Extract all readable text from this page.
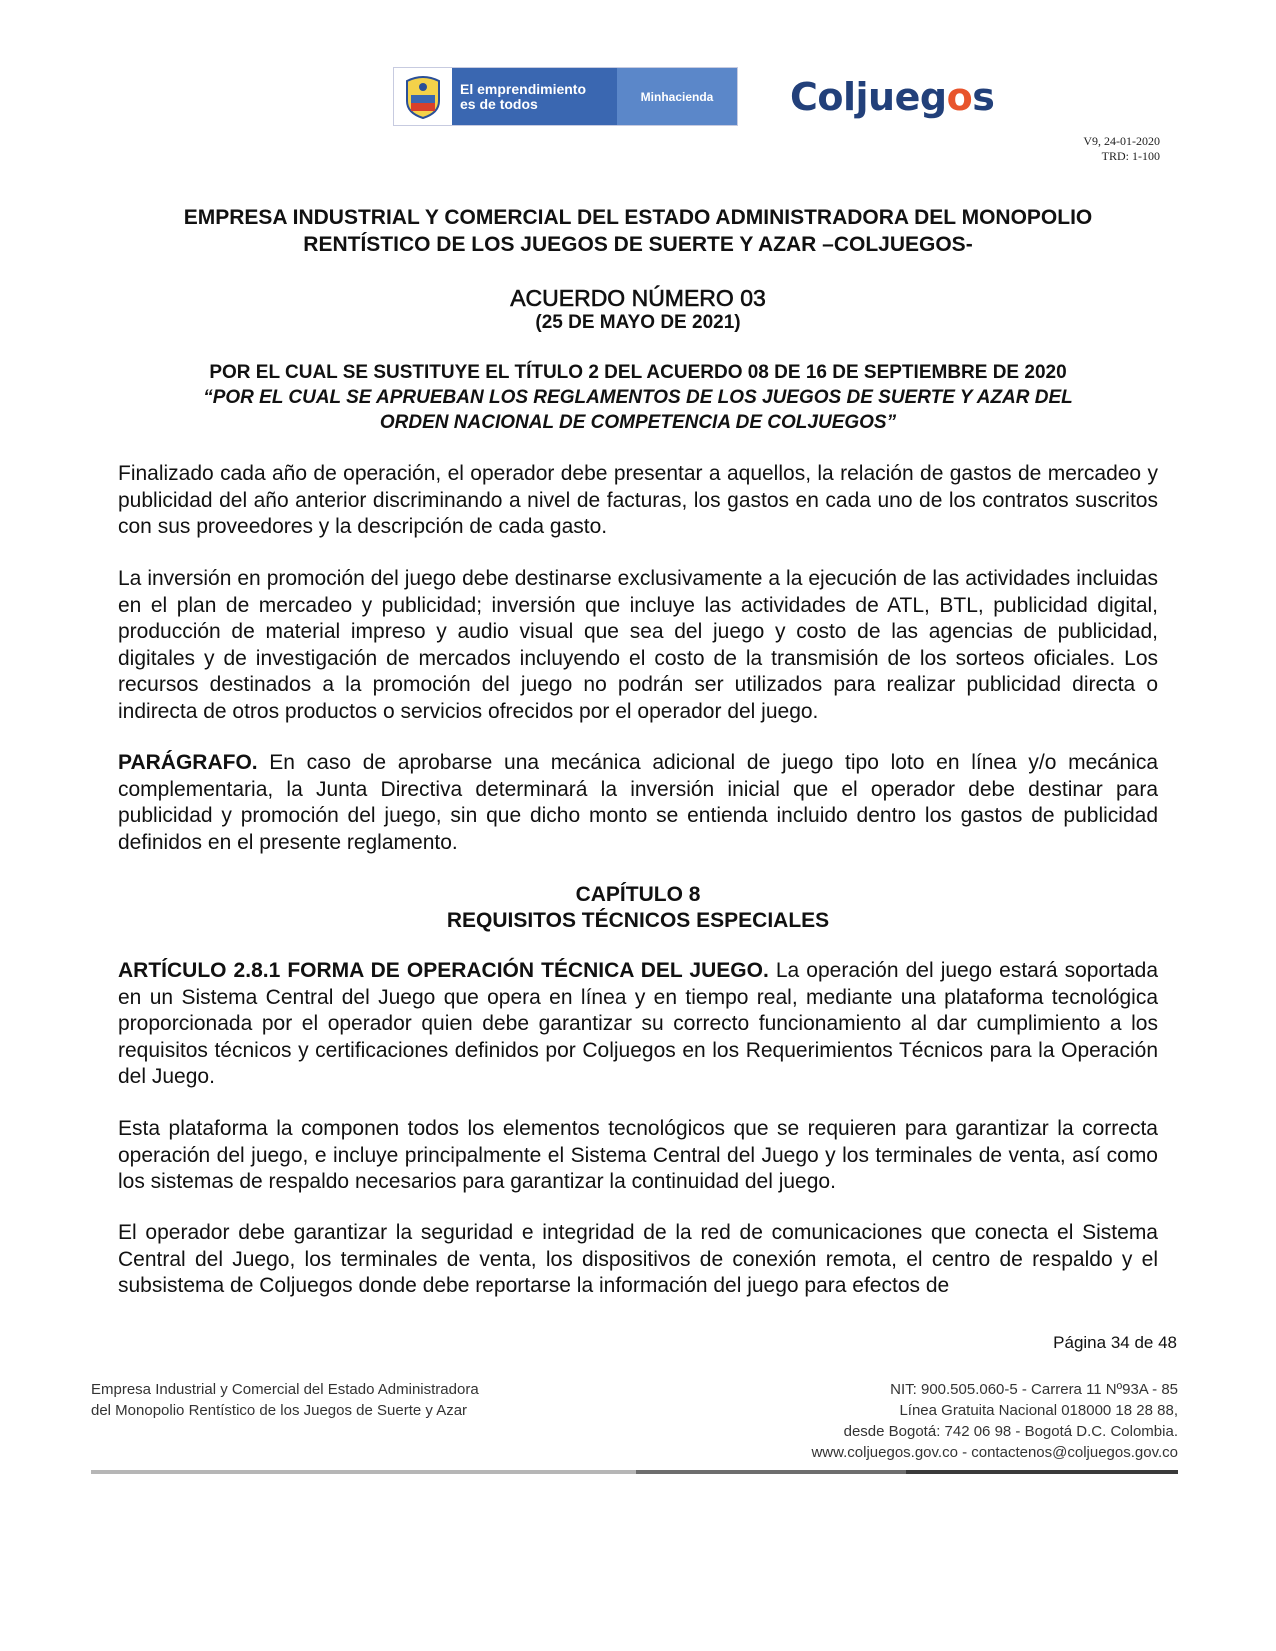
El emprendimiento
es de todos	Minhacienda	Coljueg o s
V9, 24-01-2020
TRD: 1-100
EMPRESA INDUSTRIAL Y COMERCIAL DEL ESTADO ADMINISTRADORA DEL MONOPOLIO
RENTÍSTICO DE LOS JUEGOS DE SUERTE Y AZAR –COLJUEGOS-
ACUERDO NÚMERO 03
(25 DE MAYO DE 2021)
POR EL CUAL SE SUSTITUYE EL TÍTULO 2 DEL ACUERDO 08 DE 16 DE SEPTIEMBRE DE 2020
“POR EL CUAL SE APRUEBAN LOS REGLAMENTOS DE LOS JUEGOS DE SUERTE Y AZAR DEL
ORDEN NACIONAL DE COMPETENCIA DE COLJUEGOS”
Finalizado cada año de operación, el operador debe presentar a aquellos, la relación de gastos de mercadeo y publicidad del año anterior discriminando a nivel de facturas, los gastos en cada uno de los contratos suscritos con sus proveedores y la descripción de cada gasto.
La inversión en promoción del juego debe destinarse exclusivamente a la ejecución de las actividades incluidas en el plan de mercadeo y publicidad; inversión que incluye las actividades de ATL, BTL, publicidad digital, producción de material impreso y audio visual que sea del juego y costo de las agencias de publicidad, digitales y de investigación de mercados incluyendo el costo de la transmisión de los sorteos oficiales. Los recursos destinados a la promoción del juego no podrán ser utilizados para realizar publicidad directa o indirecta de otros productos o servicios ofrecidos por el operador del juego.
PARÁGRAFO. En caso de aprobarse una mecánica adicional de juego tipo loto en línea y/o mecánica complementaria, la Junta Directiva determinará la inversión inicial que el operador debe destinar para publicidad y promoción del juego, sin que dicho monto se entienda incluido dentro los gastos de publicidad definidos en el presente reglamento.
CAPÍTULO 8
REQUISITOS TÉCNICOS ESPECIALES
ARTÍCULO 2.8.1 FORMA DE OPERACIÓN TÉCNICA DEL JUEGO. La operación del juego estará soportada en un Sistema Central del Juego que opera en línea y en tiempo real, mediante una plataforma tecnológica proporcionada por el operador quien debe garantizar su correcto funcionamiento al dar cumplimiento a los requisitos técnicos y certificaciones definidos por Coljuegos en los Requerimientos Técnicos para la Operación del Juego.
Esta plataforma la componen todos los elementos tecnológicos que se requieren para garantizar la correcta operación del juego, e incluye principalmente el Sistema Central del Juego y los terminales de venta, así como los sistemas de respaldo necesarios para garantizar la continuidad del juego.
El operador debe garantizar la seguridad e integridad de la red de comunicaciones que conecta el Sistema Central del Juego, los terminales de venta, los dispositivos de conexión remota, el centro de respaldo y el subsistema de Coljuegos donde debe reportarse la información del juego para efectos de
Página 34 de 48
Empresa Industrial y Comercial del Estado Administradora
del Monopolio Rentístico de los Juegos de Suerte y Azar
NIT: 900.505.060-5 - Carrera 11 Nº93A - 85
Línea Gratuita Nacional 018000 18 28 88,
desde Bogotá: 742 06 98 - Bogotá D.C. Colombia.
www.coljuegos.gov.co - contactenos@coljuegos.gov.co
